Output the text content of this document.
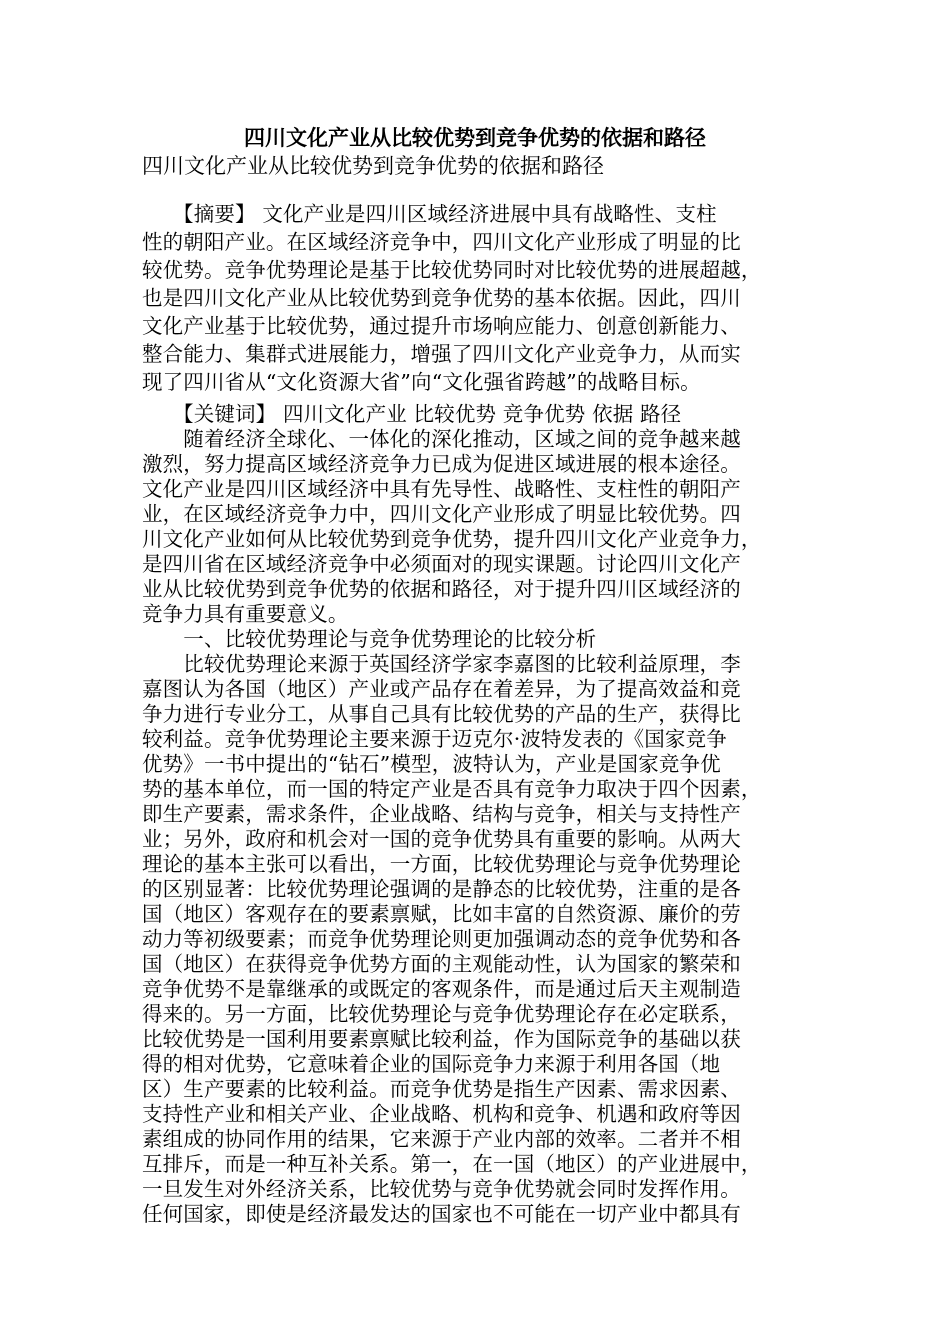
四川文化产业从比较优势到竞争优势的依据和路径
四川文化产业从比较优势到竞争优势的依据和路径
　　【摘要】 文化产业是四川区域经济进展中具有战略性、支柱
性的朝阳产业。在区域经济竞争中，四川文化产业形成了明显的比
较优势。竞争优势理论是基于比较优势同时对比较优势的进展超越，
也是四川文化产业从比较优势到竞争优势的基本依据。因此，四川
文化产业基于比较优势，通过提升市场响应能力、创意创新能力、
整合能力、集群式进展能力，增强了四川文化产业竞争力，从而实
现了四川省从“文化资源大省”向“文化强省跨越”的战略目标。
　　【关键词】 四川文化产业 比较优势 竞争优势 依据 路径
　　随着经济全球化、一体化的深化推动，区域之间的竞争越来越
激烈，努力提高区域经济竞争力已成为促进区域进展的根本途径。
文化产业是四川区域经济中具有先导性、战略性、支柱性的朝阳产
业，在区域经济竞争力中，四川文化产业形成了明显比较优势。四
川文化产业如何从比较优势到竞争优势，提升四川文化产业竞争力，
是四川省在区域经济竞争中必须面对的现实课题。讨论四川文化产
业从比较优势到竞争优势的依据和路径，对于提升四川区域经济的
竞争力具有重要意义。
　　一、比较优势理论与竞争优势理论的比较分析
　　比较优势理论来源于英国经济学家李嘉图的比较利益原理，李
嘉图认为各国（地区）产业或产品存在着差异，为了提高效益和竞
争力进行专业分工，从事自己具有比较优势的产品的生产，获得比
较利益。竞争优势理论主要来源于迈克尔·波特发表的《国家竞争
优势》一书中提出的“钻石”模型，波特认为，产业是国家竞争优
势的基本单位，而一国的特定产业是否具有竞争力取决于四个因素，
即生产要素，需求条件，企业战略、结构与竞争，相关与支持性产
业；另外，政府和机会对一国的竞争优势具有重要的影响。从两大
理论的基本主张可以看出，一方面，比较优势理论与竞争优势理论
的区别显著：比较优势理论强调的是静态的比较优势，注重的是各
国（地区）客观存在的要素禀赋，比如丰富的自然资源、廉价的劳
动力等初级要素；而竞争优势理论则更加强调动态的竞争优势和各
国（地区）在获得竞争优势方面的主观能动性，认为国家的繁荣和
竞争优势不是靠继承的或既定的客观条件，而是通过后天主观制造
得来的。另一方面，比较优势理论与竞争优势理论存在必定联系，
比较优势是一国利用要素禀赋比较利益，作为国际竞争的基础以获
得的相对优势，它意味着企业的国际竞争力来源于利用各国（地
区）生产要素的比较利益。而竞争优势是指生产因素、需求因素、
支持性产业和相关产业、企业战略、机构和竞争、机遇和政府等因
素组成的协同作用的结果，它来源于产业内部的效率。二者并不相
互排斥，而是一种互补关系。第一，在一国（地区）的产业进展中，
一旦发生对外经济关系，比较优势与竞争优势就会同时发挥作用。
任何国家，即使是经济最发达的国家也不可能在一切产业中都具有
